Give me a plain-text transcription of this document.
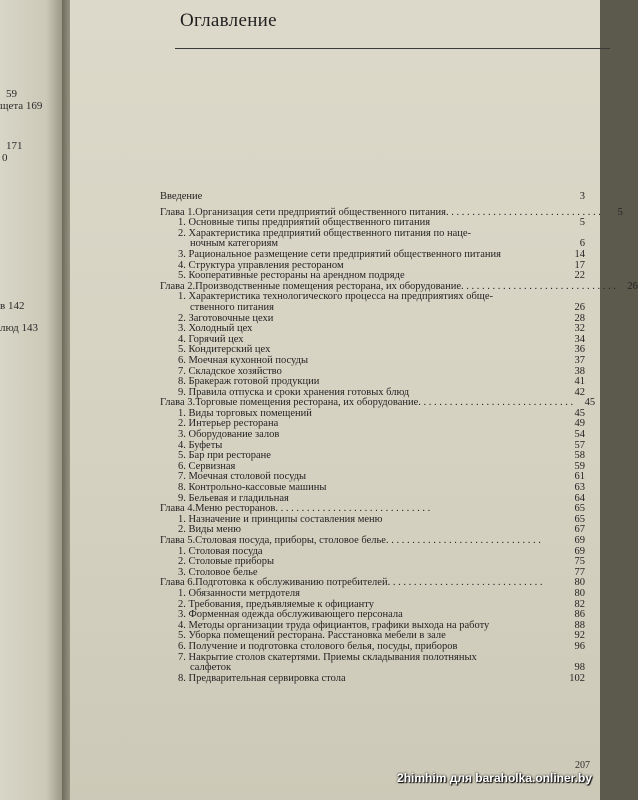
59
щета 169
171
0
в 142
люд 143
Оглавление
Введение	3
Глава 1. Организация сети предприятий общественного питания . . . . . . . . . . . . . . . . . . . . . . . . . . . . . .	5
1. Основные типы предприятий общественного питания	5
2. Характеристика предприятий общественного питания по наце-
ночным категориям	6
3. Рациональное размещение сети предприятий общественного питания	14
4. Структура управления рестораном	17
5. Кооперативные рестораны на арендном подряде	22
Глава 2. Производственные помещения ресторана, их оборудование . . . . . . . . . . . . . . . . . . . . . . . . . . . . . .	26
1. Характеристика технологического процесса на предприятиях обще-
ственного питания	26
2. Заготовочные цехи	28
3. Холодный цех	32
4. Горячий цех	34
5. Кондитерский цех	36
6. Моечная кухонной посуды	37
7. Складское хозяйство	38
8. Бракераж готовой продукции	41
9. Правила отпуска и сроки хранения готовых блюд	42
Глава 3. Торговые помещения ресторана, их оборудование . . . . . . . . . . . . . . . . . . . . . . . . . . . . . .	45
1. Виды торговых помещений	45
2. Интерьер ресторана	49
3. Оборудование залов	54
4. Буфеты	57
5. Бар при ресторане	58
6. Сервизная	59
7. Моечная столовой посуды	61
8. Контрольно-кассовые машины	63
9. Бельевая и гладильная	64
Глава 4. Меню ресторанов . . . . . . . . . . . . . . . . . . . . . . . . . . . . . .	65
1. Назначение и принципы составления меню	65
2. Виды меню	67
Глава 5. Столовая посуда, приборы, столовое белье . . . . . . . . . . . . . . . . . . . . . . . . . . . . . .	69
1. Столовая посуда	69
2. Столовые приборы	75
3. Столовое белье	77
Глава 6. Подготовка к обслуживанию потребителей . . . . . . . . . . . . . . . . . . . . . . . . . . . . . .	80
1. Обязанности метрдотеля	80
2. Требования, предъявляемые к официанту	82
3. Форменная одежда обслуживающего персонала	86
4. Методы организации труда официантов, графики выхода на работу	88
5. Уборка помещений ресторана. Расстановка мебели в зале	92
6. Получение и подготовка столового белья, посуды, приборов	96
7. Накрытие столов скатертями. Приемы складывания полотняных
салфеток	98
8. Предварительная сервировка стола	102
207
2himhim для baraholka.onliner.by
